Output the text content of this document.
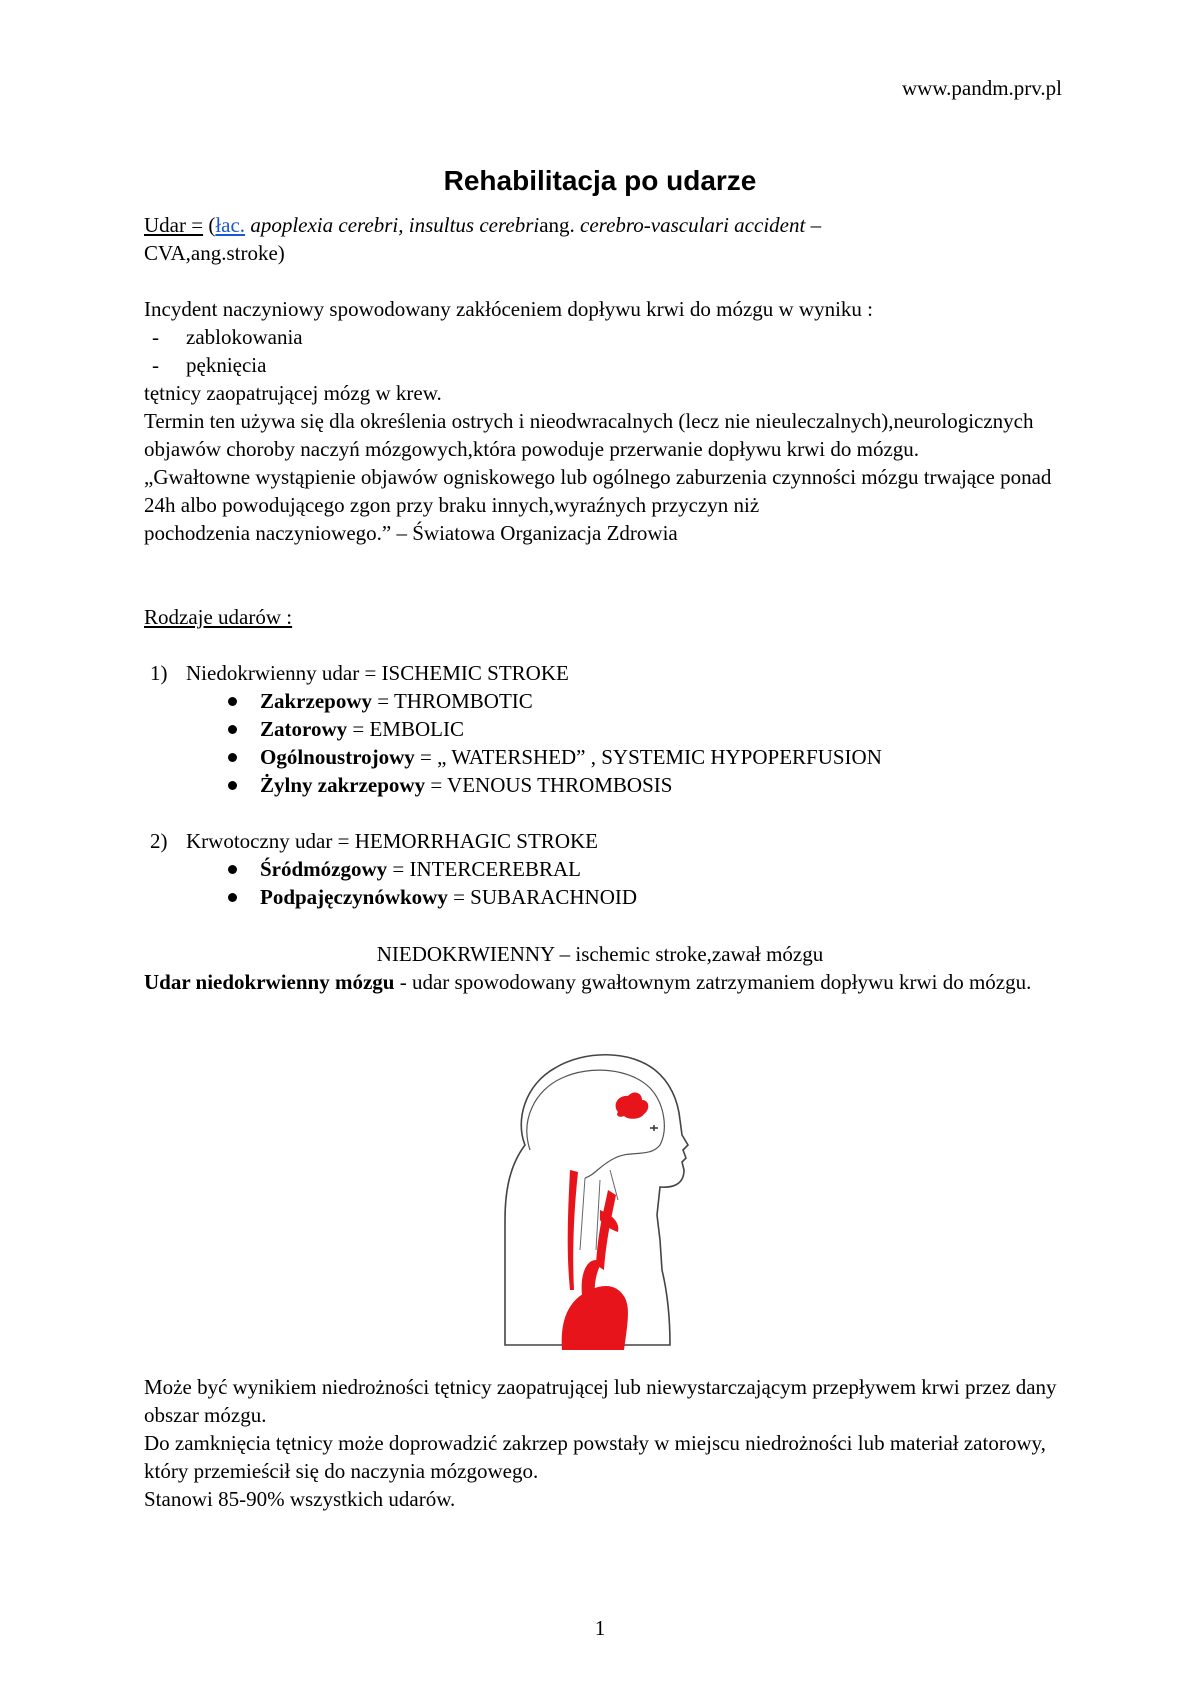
www.pandm.prv.pl
Rehabilitacja po udarze
Udar = (łac. apoplexia cerebri, insultus cerebriang. cerebro-vasculari accident –
CVA,ang.stroke)
Incydent naczyniowy spowodowany zakłóceniem dopływu krwi do mózgu w wyniku :
- zablokowania
- pęknięcia
tętnicy zaopatrującej mózg w krew.
Termin ten używa się dla określenia ostrych i nieodwracalnych (lecz nie nieuleczalnych),neurologicznych objawów choroby naczyń mózgowych,która powoduje przerwanie dopływu krwi do mózgu.
„Gwałtowne wystąpienie objawów ogniskowego lub ogólnego zaburzenia czynności mózgu trwające ponad 24h albo powodującego zgon przy braku innych,wyraźnych przyczyn niż
pochodzenia naczyniowego.” – Światowa Organizacja Zdrowia
Rodzaje udarów :
1) Niedokrwienny udar = ISCHEMIC STROKE
Zakrzepowy = THROMBOTIC
Zatorowy = EMBOLIC
Ogólnoustrojowy = „ WATERSHED” , SYSTEMIC HYPOPERFUSION
Żylny zakrzepowy = VENOUS THROMBOSIS
2) Krwotoczny udar = HEMORRHAGIC STROKE
Śródmózgowy = INTERCEREBRAL
Podpajęczynówkowy = SUBARACHNOID
NIEDOKRWIENNY – ischemic stroke,zawał mózgu
Udar niedokrwienny mózgu - udar spowodowany gwałtownym zatrzymaniem dopływu krwi do mózgu.
Może być wynikiem niedrożności tętnicy zaopatrującej lub niewystarczającym przepływem krwi przez dany obszar mózgu.
Do zamknięcia tętnicy może doprowadzić zakrzep powstały w miejscu niedrożności lub materiał zatorowy, który przemieścił się do naczynia mózgowego.
Stanowi 85-90% wszystkich udarów.
1
